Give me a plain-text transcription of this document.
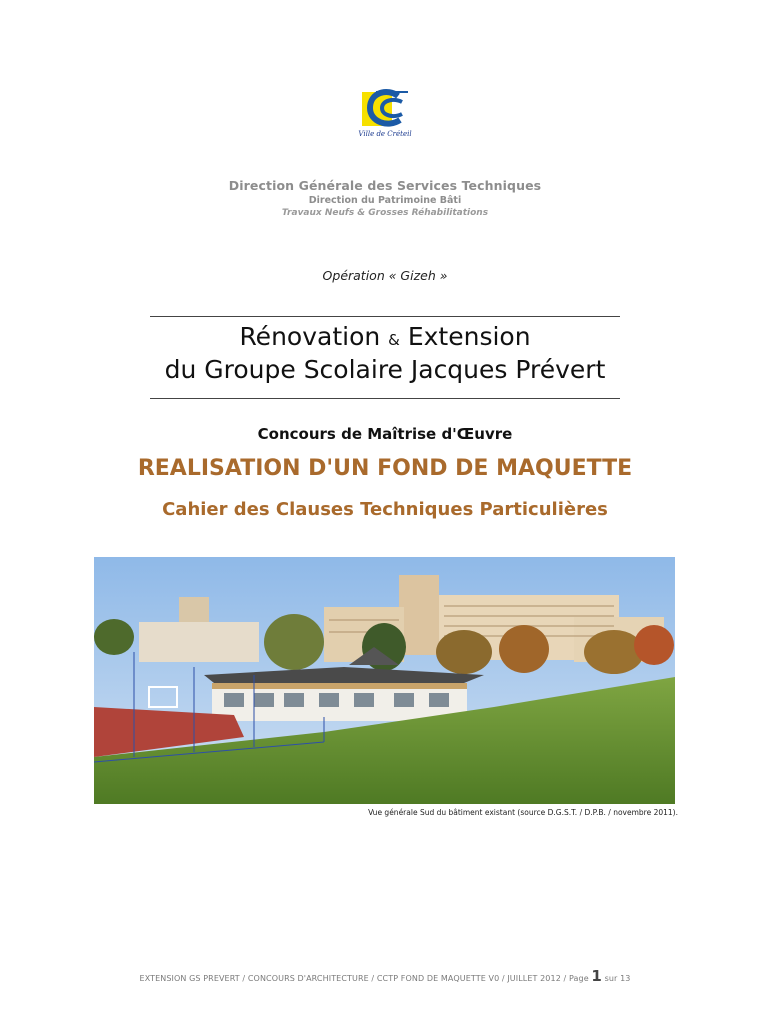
Ville de Créteil
Direction Générale des Services Techniques
Direction du Patrimoine Bâti
Travaux Neufs & Grosses Réhabilitations
Opération « Gizeh »
Rénovation & Extension
du Groupe Scolaire Jacques Prévert
Concours de Maîtrise d'Œuvre
REALISATION D'UN FOND DE MAQUETTE
Cahier des Clauses Techniques Particulières
Vue générale Sud du bâtiment existant (source D.G.S.T. / D.P.B. / novembre 2011).
EXTENSION GS PREVERT / CONCOURS D'ARCHITECTURE / CCTP FOND DE MAQUETTE V0 / JUILLET 2012 / Page 1 sur 13
